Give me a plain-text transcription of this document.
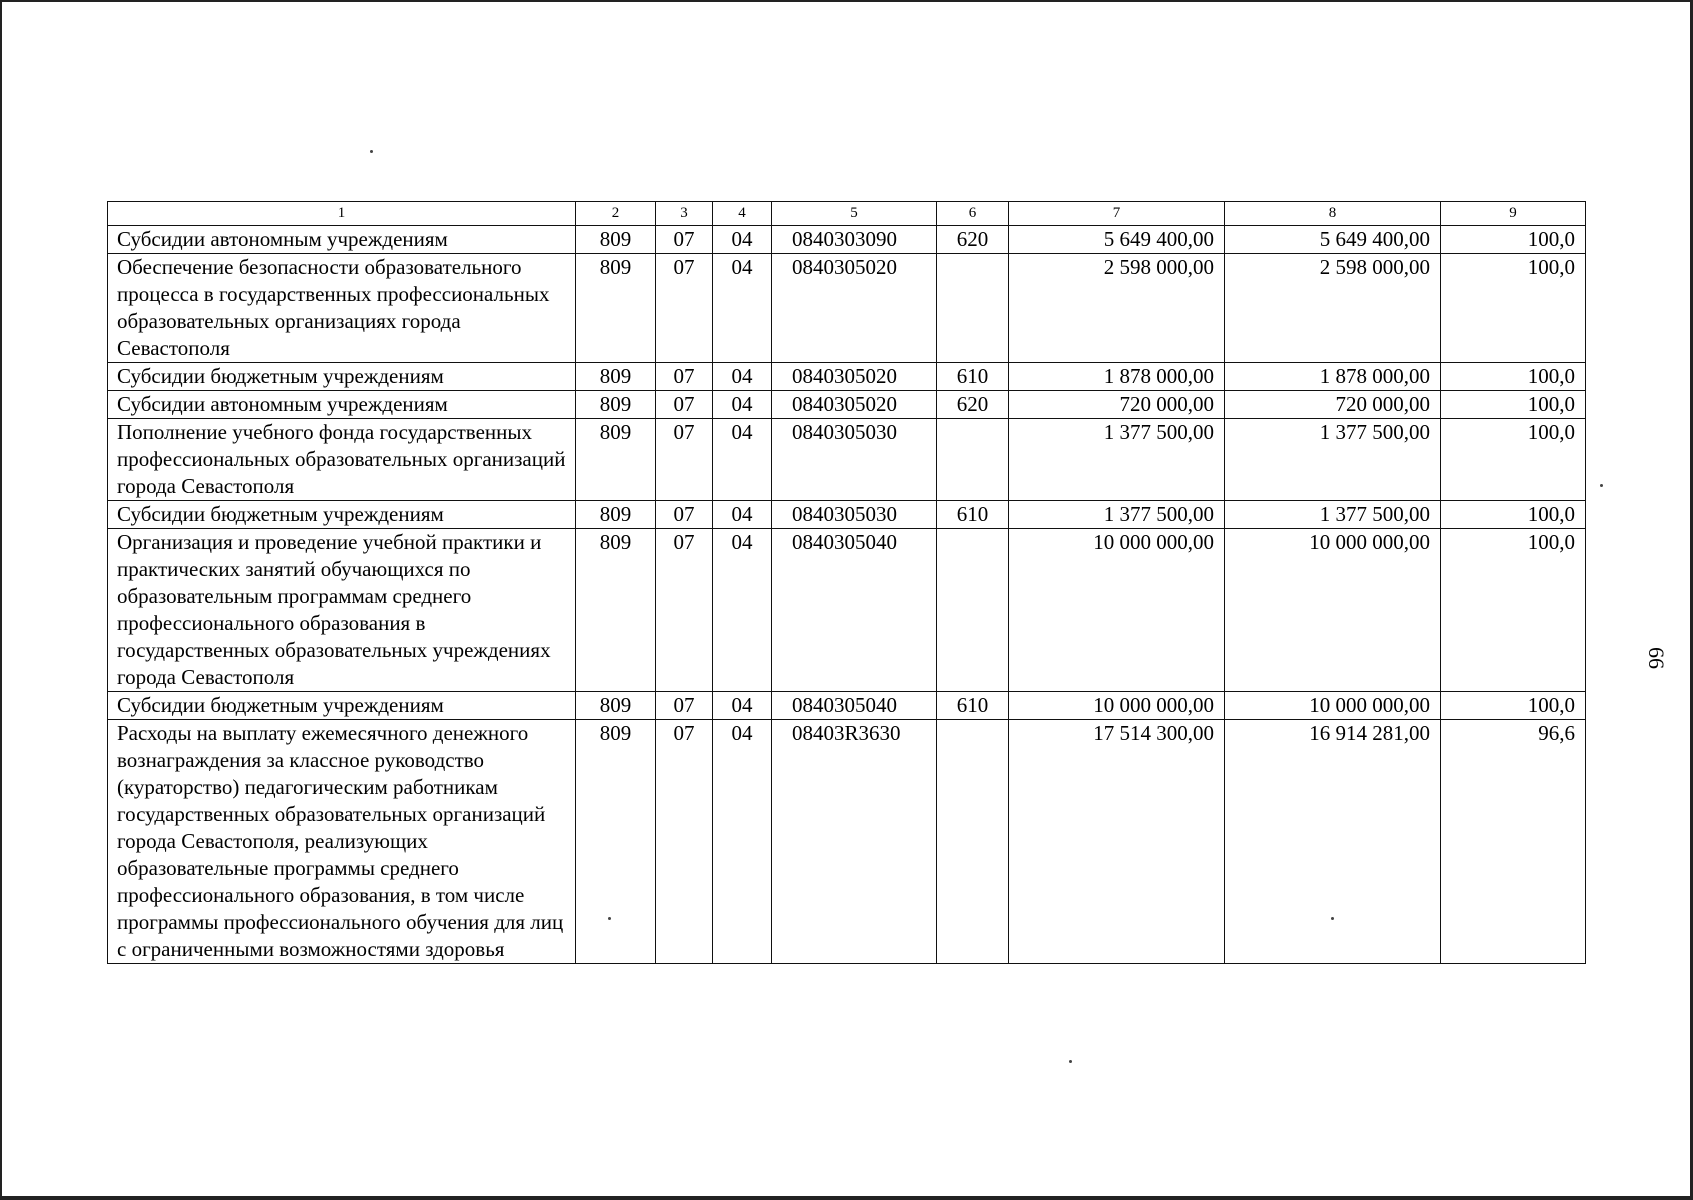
1	2	3	4	5	6	7	8	9
Субсидии автономным учреждениям	809	07	04	0840303090	620	5 649 400,00	5 649 400,00	100,0
Обеспечение безопасности образовательного процесса в государственных профессиональных образовательных организациях города Севастополя	809	07	04	0840305020		2 598 000,00	2 598 000,00	100,0
Субсидии бюджетным учреждениям	809	07	04	0840305020	610	1 878 000,00	1 878 000,00	100,0
Субсидии автономным учреждениям	809	07	04	0840305020	620	720 000,00	720 000,00	100,0
Пополнение учебного фонда государственных профессиональных образовательных организаций города Севастополя	809	07	04	0840305030		1 377 500,00	1 377 500,00	100,0
Субсидии бюджетным учреждениям	809	07	04	0840305030	610	1 377 500,00	1 377 500,00	100,0
Организация и проведение учебной практики и практических занятий обучающихся по образовательным программам среднего профессионального образования в государственных образовательных учреждениях города Севастополя	809	07	04	0840305040		10 000 000,00	10 000 000,00	100,0
Субсидии бюджетным учреждениям	809	07	04	0840305040	610	10 000 000,00	10 000 000,00	100,0
Расходы на выплату ежемесячного денежного вознаграждения за классное руководство (кураторство) педагогическим работникам государственных образовательных организаций города Севастополя, реализующих образовательные программы среднего профессионального образования, в том числе программы профессионального обучения для лиц с ограниченными возможностями здоровья	809	07	04	08403R3630		17 514 300,00	16 914 281,00	96,6
66
